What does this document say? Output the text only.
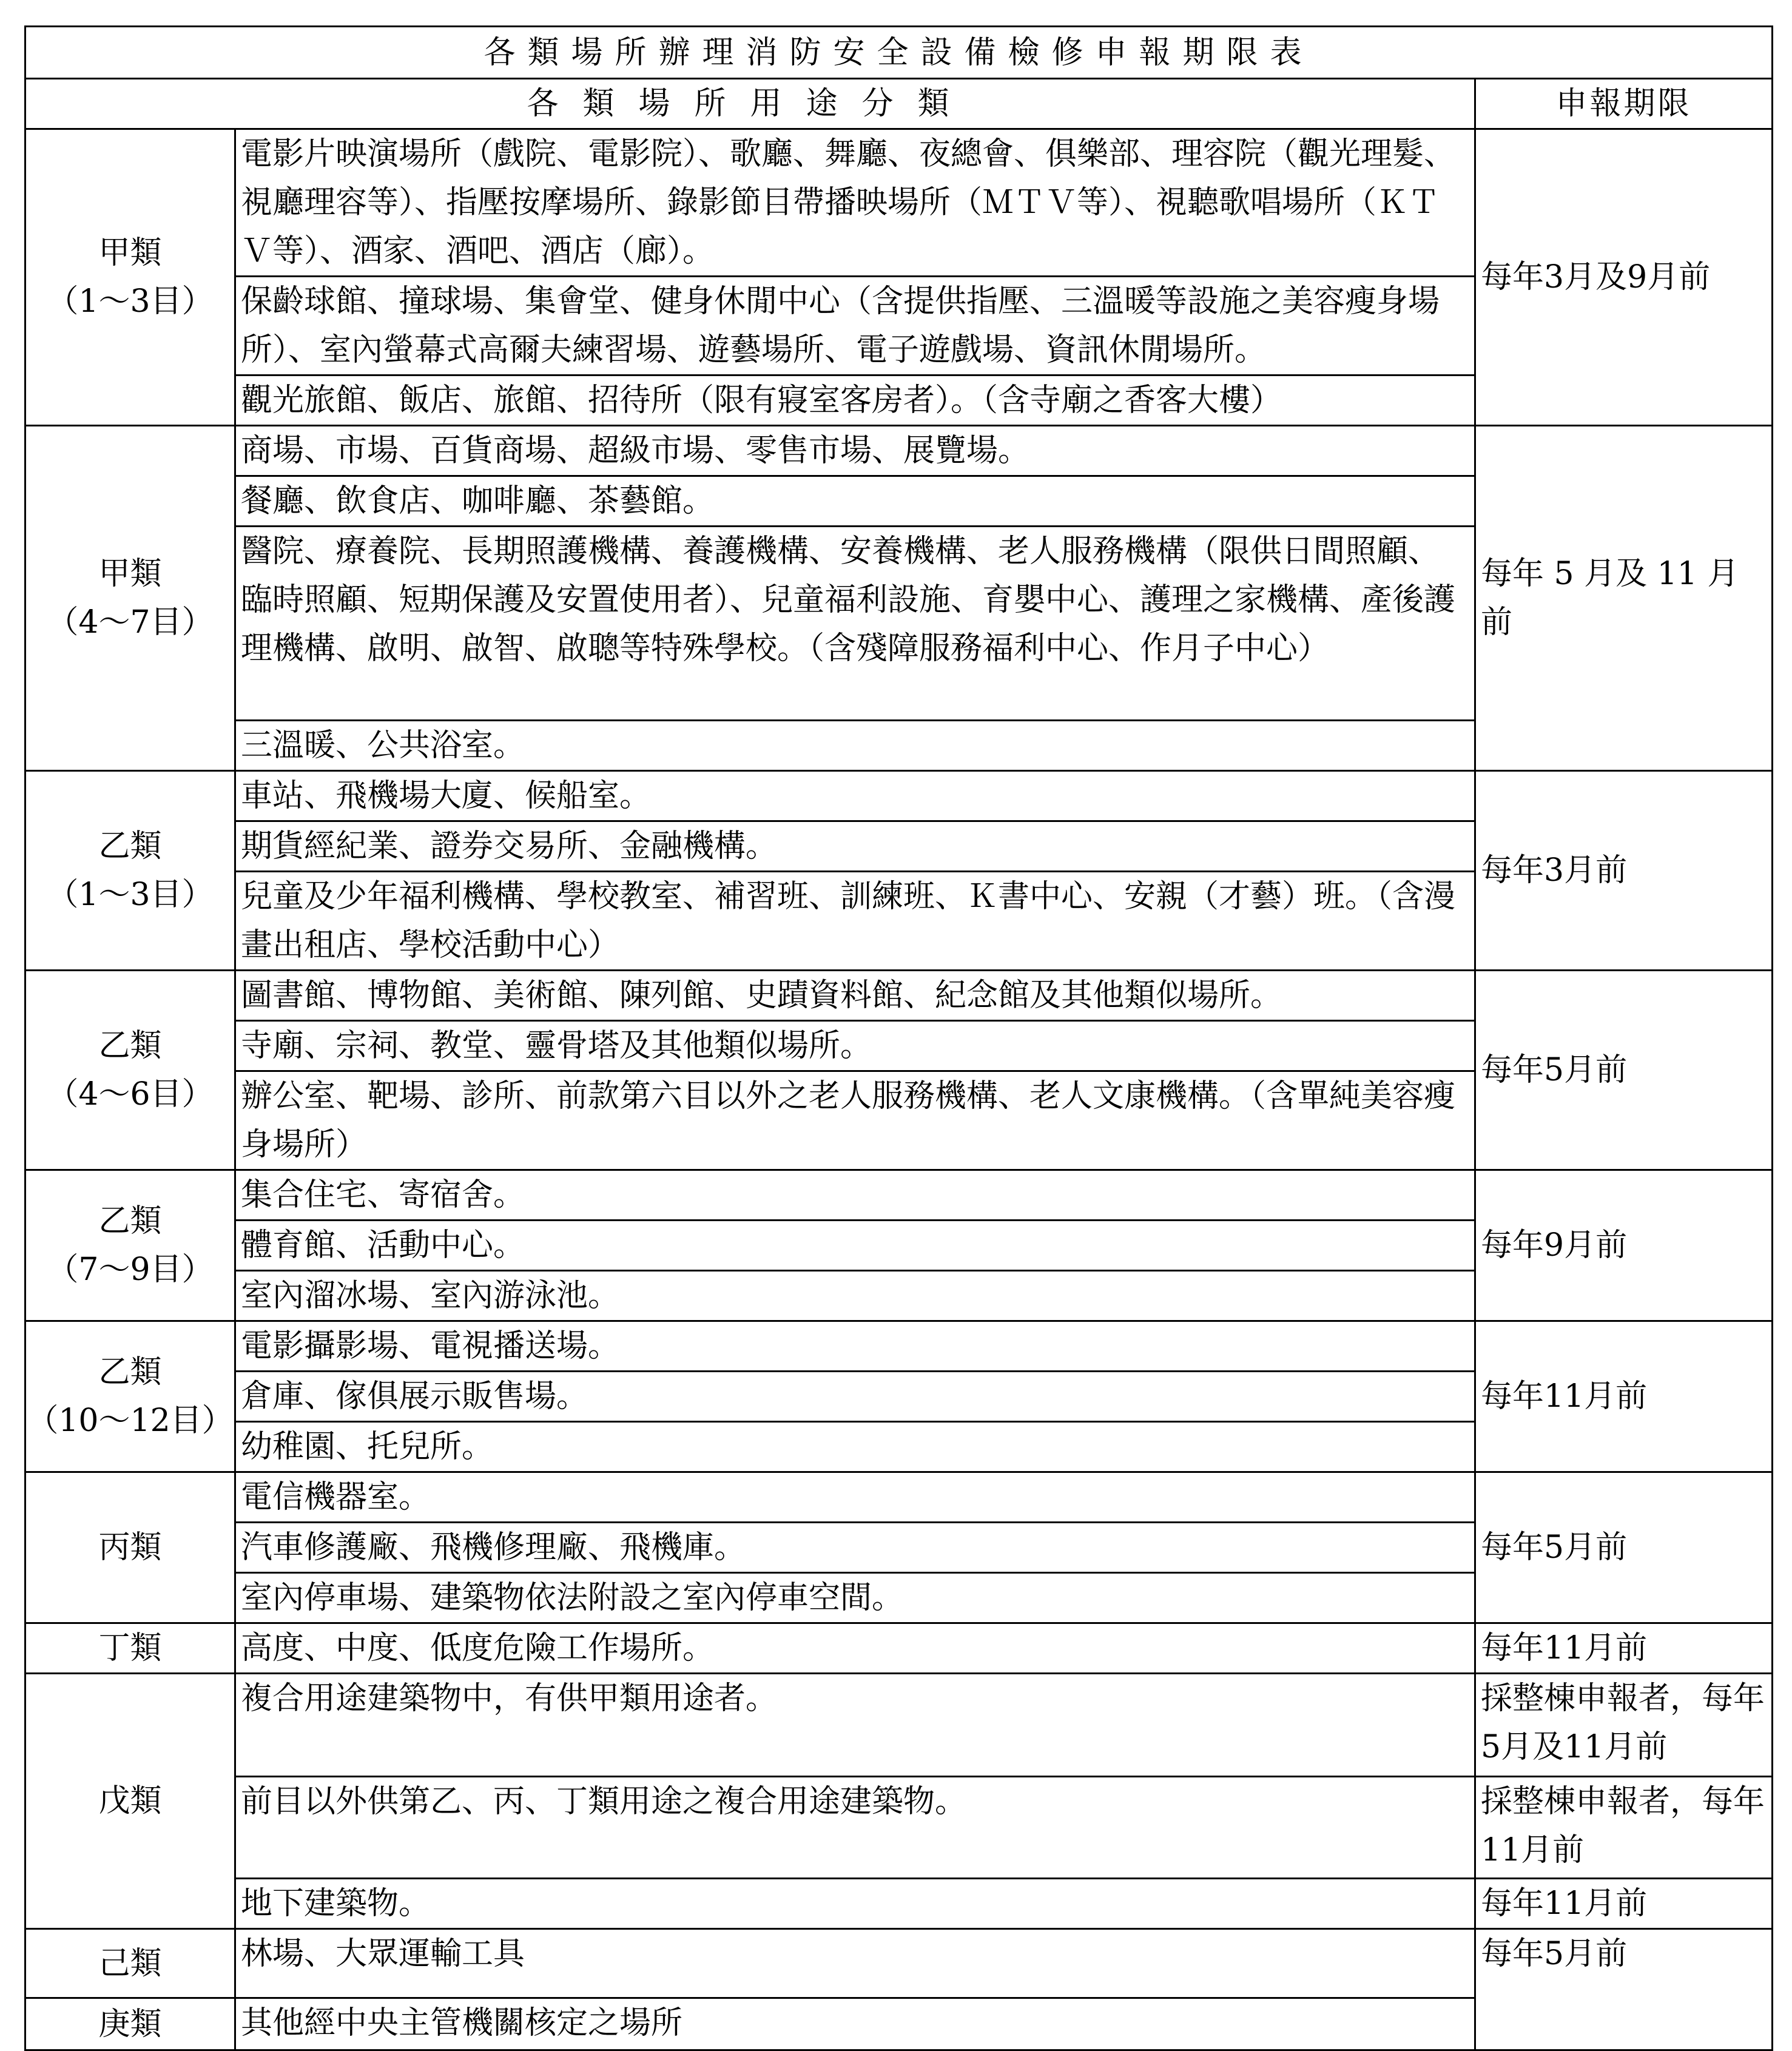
各類場所辦理消防安全設備檢修申報期限表		
各類場所用途分類		申報期限

甲類
（1～3目）	電影片映演場所（戲院、電影院）、歌廳、舞廳、夜總會、俱樂部、理容院（觀光理髮、視廳理容等）、指壓按摩場所、錄影節目帶播映場所（ＭＴＶ等）、視聽歌唱場所（ＫＴＶ等）、酒家、酒吧、酒店（廊）。	每年3月及9月前
	保齡球館、撞球場、集會堂、健身休閒中心（含提供指壓、三溫暖等設施之美容瘦身場所）、室內螢幕式高爾夫練習場、遊藝場所、電子遊戲場、資訊休閒場所。	
	觀光旅館、飯店、旅館、招待所（限有寢室客房者）。（含寺廟之香客大樓）	

甲類
（4～7目）	商場、市場、百貨商場、超級市場、零售市場、展覽場。	每年 5 月及 11 月前
	餐廳、飲食店、咖啡廳、茶藝館。	
	醫院、療養院、長期照護機構、養護機構、安養機構、老人服務機構（限供日間照顧、臨時照顧、短期保護及安置使用者）、兒童福利設施、育嬰中心、護理之家機構、產後護理機構、啟明、啟智、啟聰等特殊學校。（含殘障服務福利中心、作月子中心）	
	三溫暖、公共浴室。	

乙類
（1～3目）	車站、飛機場大廈、候船室。	每年3月前
	期貨經紀業、證券交易所、金融機構。	
	兒童及少年福利機構、學校教室、補習班、訓練班、Ｋ書中心、安親（才藝）班。（含漫畫出租店、學校活動中心）	

乙類
（4～6目）	圖書館、博物館、美術館、陳列館、史蹟資料館、紀念館及其他類似場所。	每年5月前
	寺廟、宗祠、教堂、靈骨塔及其他類似場所。	
	辦公室、靶場、診所、前款第六目以外之老人服務機構、老人文康機構。（含單純美容瘦身場所）	

乙類
（7～9目）	集合住宅、寄宿舍。	每年9月前
	體育館、活動中心。	
	室內溜冰場、室內游泳池。	

乙類
（10～12目）	電影攝影場、電視播送場。	每年11月前
	倉庫、傢俱展示販售場。	
	幼稚園、托兒所。	

丙類	電信機器室。	每年5月前
	汽車修護廠、飛機修理廠、飛機庫。	
	室內停車場、建築物依法附設之室內停車空間。	

丁類	高度、中度、低度危險工作場所。	每年11月前

戊類	複合用途建築物中，有供甲類用途者。	採整棟申報者，每年5月及11月前
	前目以外供第乙、丙、丁類用途之複合用途建築物。	採整棟申報者，每年11月前
	地下建築物。	每年11月前

己類	林場、大眾運輸工具	每年5月前

庚類	其他經中央主管機關核定之場所	
